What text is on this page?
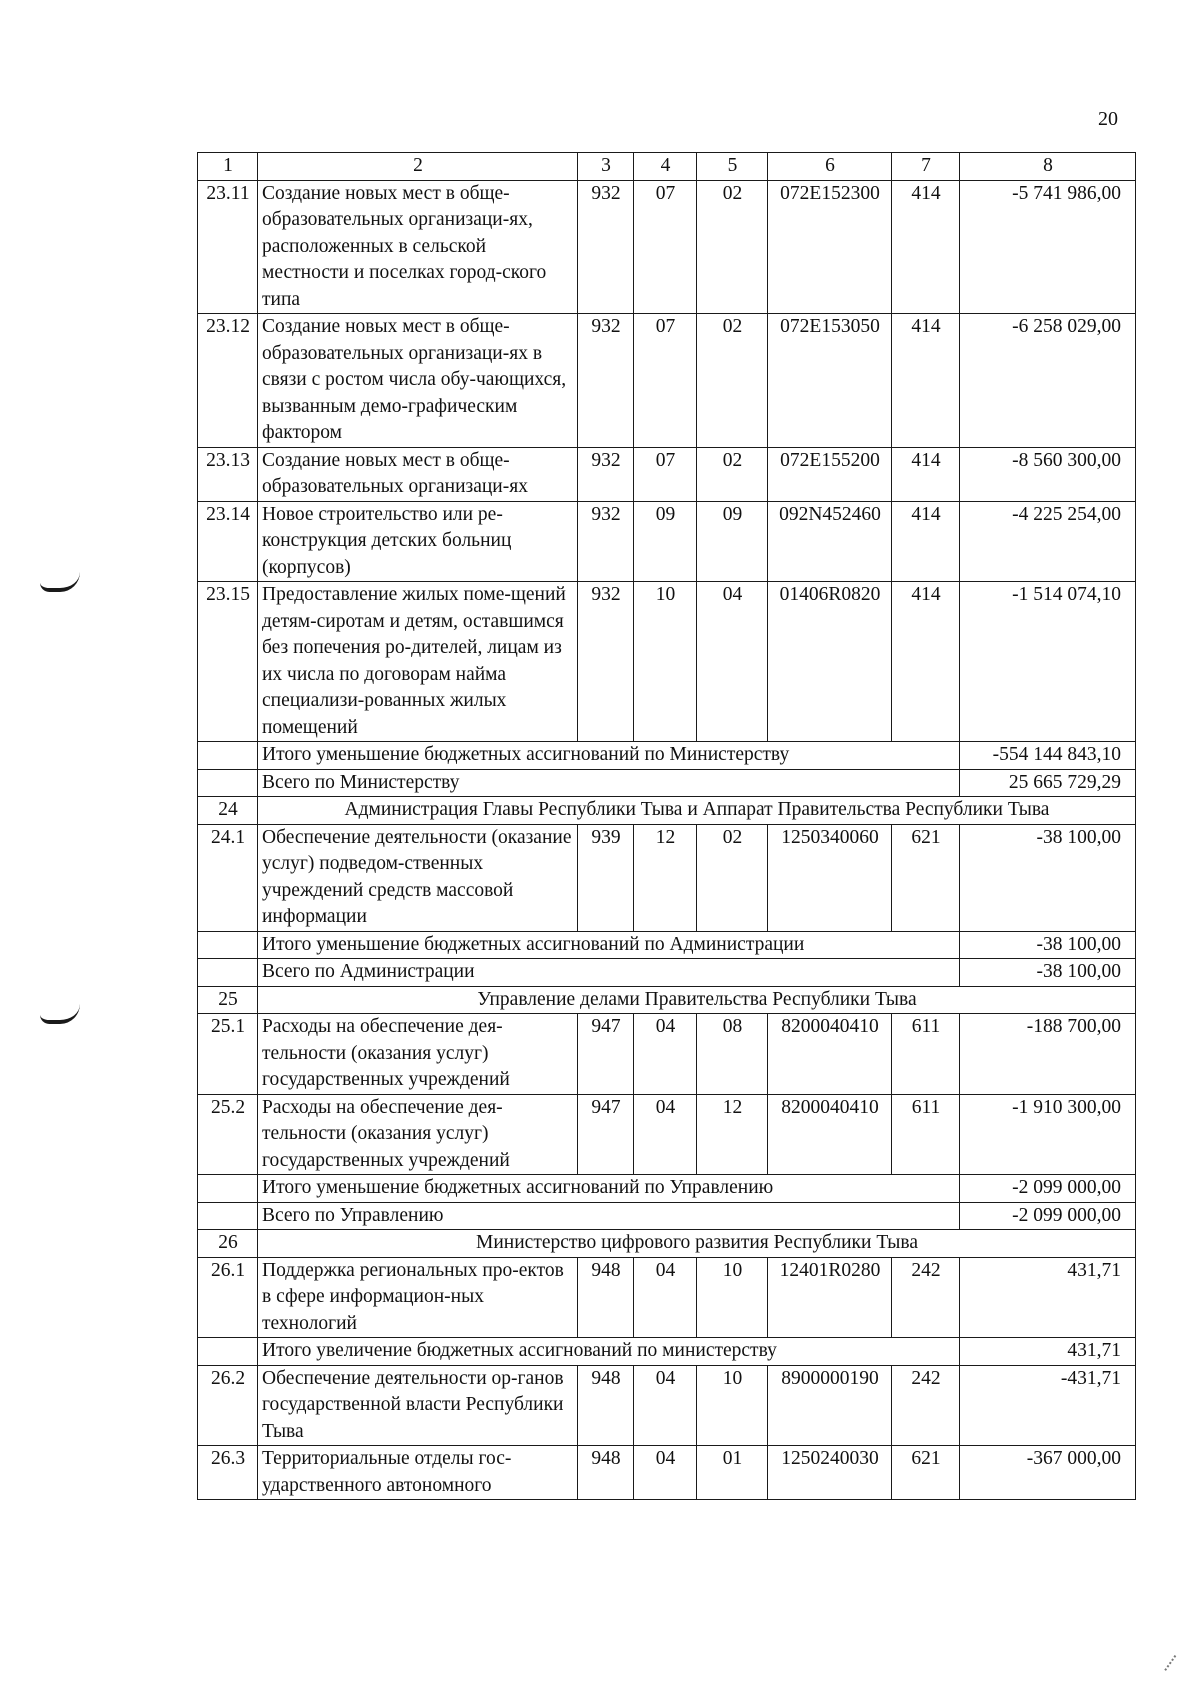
20
1	2	3	4	5	6	7	8
23.11	Создание новых мест в обще-образовательных организаци-ях, расположенных в сельской местности и поселках город-ского типа	932	07	02	072E152300	414	-5 741 986,00
23.12	Создание новых мест в обще-образовательных организаци-ях в связи с ростом числа обу-чающихся, вызванным демо-графическим фактором	932	07	02	072E153050	414	-6 258 029,00
23.13	Создание новых мест в обще-образовательных организаци-ях	932	07	02	072E155200	414	-8 560 300,00
23.14	Новое строительство или ре-конструкция детских больниц (корпусов)	932	09	09	092N452460	414	-4 225 254,00
23.15	Предоставление жилых поме-щений детям-сиротам и детям, оставшимся без попечения ро-дителей, лицам из их числа по договорам найма специализи-рованных жилых помещений	932	10	04	01406R0820	414	-1 514 074,10
	Итого уменьшение бюджетных ассигнований по Министерству						-554 144 843,10
	Всего по Министерству						25 665 729,29
24	Администрация Главы Республики Тыва и Аппарат Правительства Республики Тыва						
24.1	Обеспечение деятельности (оказание услуг) подведом-ственных учреждений средств массовой информации	939	12	02	1250340060	621	-38 100,00
	Итого уменьшение бюджетных ассигнований по Администрации						-38 100,00
	Всего по Администрации						-38 100,00
25	Управление делами Правительства Республики Тыва						
25.1	Расходы на обеспечение дея-тельности (оказания услуг) государственных учреждений	947	04	08	8200040410	611	-188 700,00
25.2	Расходы на обеспечение дея-тельности (оказания услуг) государственных учреждений	947	04	12	8200040410	611	-1 910 300,00
	Итого уменьшение бюджетных ассигнований по Управлению						-2 099 000,00
	Всего по Управлению						-2 099 000,00
26	Министерство цифрового развития Республики Тыва						
26.1	Поддержка региональных про-ектов в сфере информацион-ных технологий	948	04	10	12401R0280	242	431,71
	Итого увеличение бюджетных ассигнований по министерству						431,71
26.2	Обеспечение деятельности ор-ганов государственной власти Республики Тыва	948	04	10	8900000190	242	-431,71
26.3	Территориальные отделы гос-ударственного автономного	948	04	01	1250240030	621	-367 000,00
